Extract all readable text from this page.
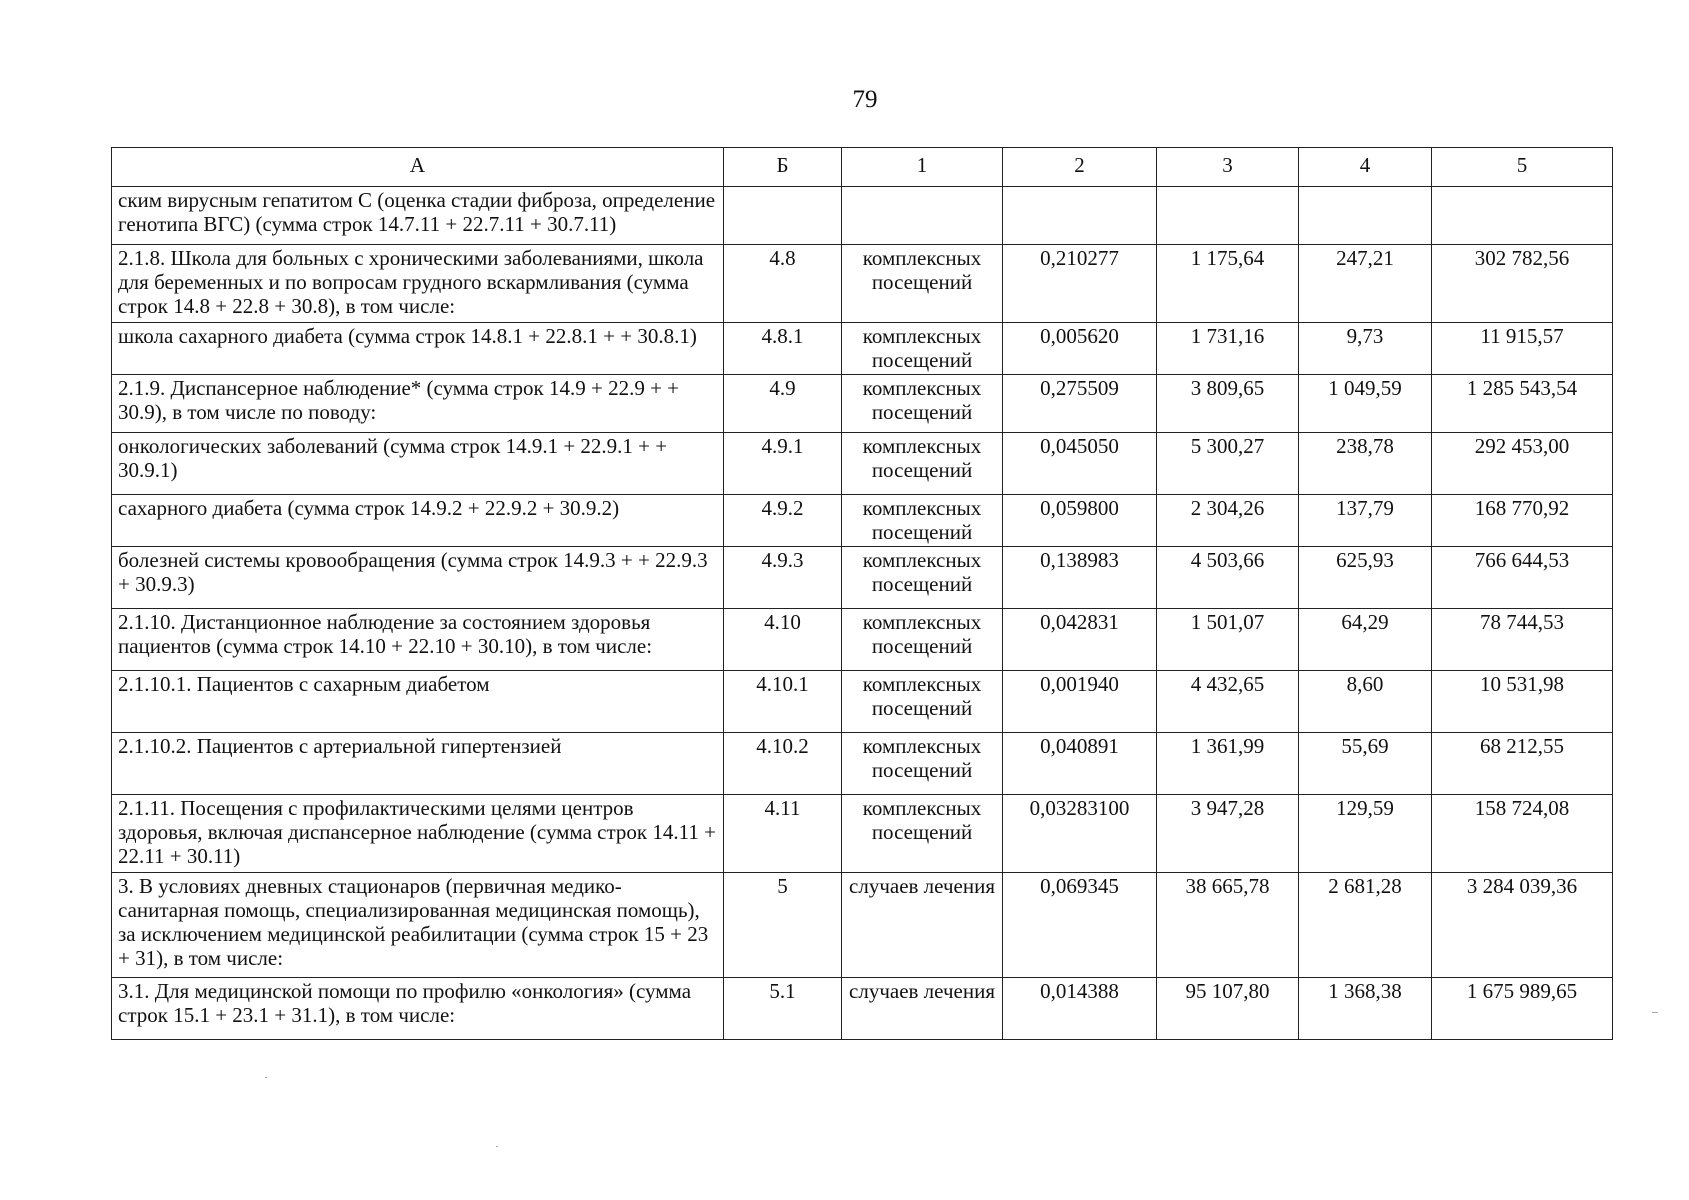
79
А	Б	1	2	3	4	5
ским вирусным гепатитом С (оценка стадии фиброза, определение генотипа ВГС) (сумма строк 14.7.11 + 22.7.11 + 30.7.11)						
2.1.8. Школа для больных с хроническими заболеваниями, школа для беременных и по вопросам грудного вскармливания (сумма строк 14.8 + 22.8 + 30.8), в том числе:	4.8	комплексных посещений	0,210277	1 175,64	247,21	302 782,56
школа сахарного диабета (сумма строк 14.8.1 + 22.8.1 + + 30.8.1)	4.8.1	комплексных посещений	0,005620	1 731,16	9,73	11 915,57
2.1.9. Диспансерное наблюдение* (сумма строк 14.9 + 22.9 + + 30.9), в том числе по поводу:	4.9	комплексных посещений	0,275509	3 809,65	1 049,59	1 285 543,54
онкологических заболеваний (сумма строк 14.9.1 + 22.9.1 + + 30.9.1)	4.9.1	комплексных посещений	0,045050	5 300,27	238,78	292 453,00
сахарного диабета (сумма строк 14.9.2 + 22.9.2 + 30.9.2)	4.9.2	комплексных посещений	0,059800	2 304,26	137,79	168 770,92
болезней системы кровообращения (сумма строк 14.9.3 + + 22.9.3 + 30.9.3)	4.9.3	комплексных посещений	0,138983	4 503,66	625,93	766 644,53
2.1.10. Дистанционное наблюдение за состоянием здоровья пациентов (сумма строк 14.10 + 22.10 + 30.10), в том числе:	4.10	комплексных посещений	0,042831	1 501,07	64,29	78 744,53
2.1.10.1. Пациентов с сахарным диабетом	4.10.1	комплексных посещений	0,001940	4 432,65	8,60	10 531,98
2.1.10.2. Пациентов с артериальной гипертензией	4.10.2	комплексных посещений	0,040891	1 361,99	55,69	68 212,55
2.1.11. Посещения с профилактическими целями центров здоровья, включая диспансерное наблюдение (сумма строк 14.11 + 22.11 + 30.11)	4.11	комплексных посещений	0,03283100	3 947,28	129,59	158 724,08
3. В условиях дневных стационаров (первичная медико-санитарная помощь, специализированная медицинская помощь), за исключением медицинской реабилитации (сумма строк 15 + 23 + 31), в том числе:	5	случаев лечения	0,069345	38 665,78	2 681,28	3 284 039,36
3.1. Для медицинской помощи по профилю «онкология» (сумма строк 15.1 + 23.1 + 31.1), в том числе:	5.1	случаев лечения	0,014388	95 107,80	1 368,38	1 675 989,65
